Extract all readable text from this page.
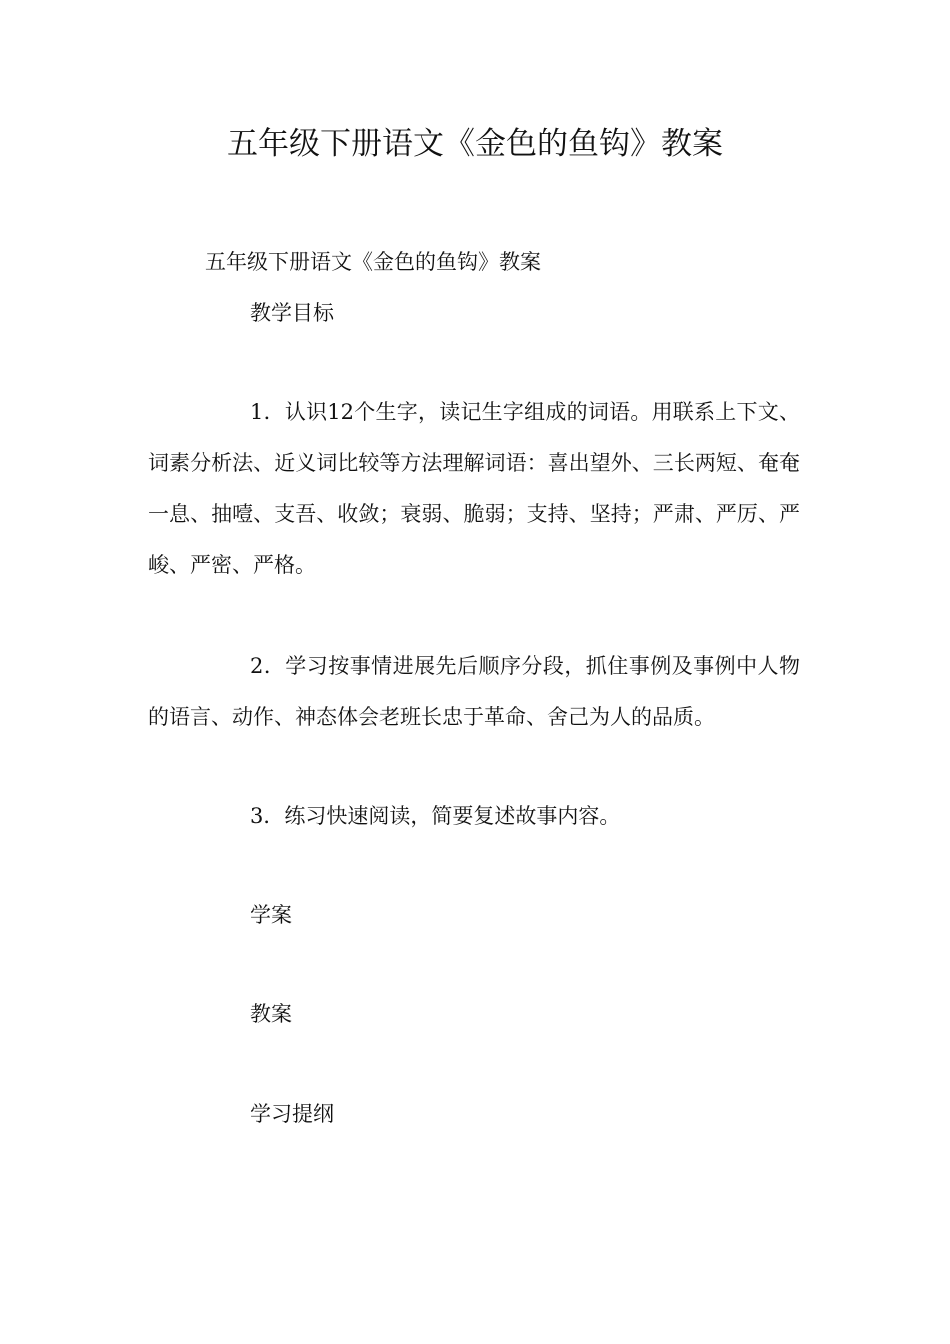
五年级下册语文《金色的鱼钩》教案
五年级下册语文《金色的鱼钩》教案
教学目标
1．认识12个生字，读记生字组成的词语。用联系上下文、词素分析法、近义词比较等方法理解词语：喜出望外、三长两短、奄奄一息、抽噎、支吾、收敛；衰弱、脆弱；支持、坚持；严肃、严厉、严峻、严密、严格。
2．学习按事情进展先后顺序分段，抓住事例及事例中人物的语言、动作、神态体会老班长忠于革命、舍己为人的品质。
3．练习快速阅读，简要复述故事内容。
学案
教案
学习提纲
